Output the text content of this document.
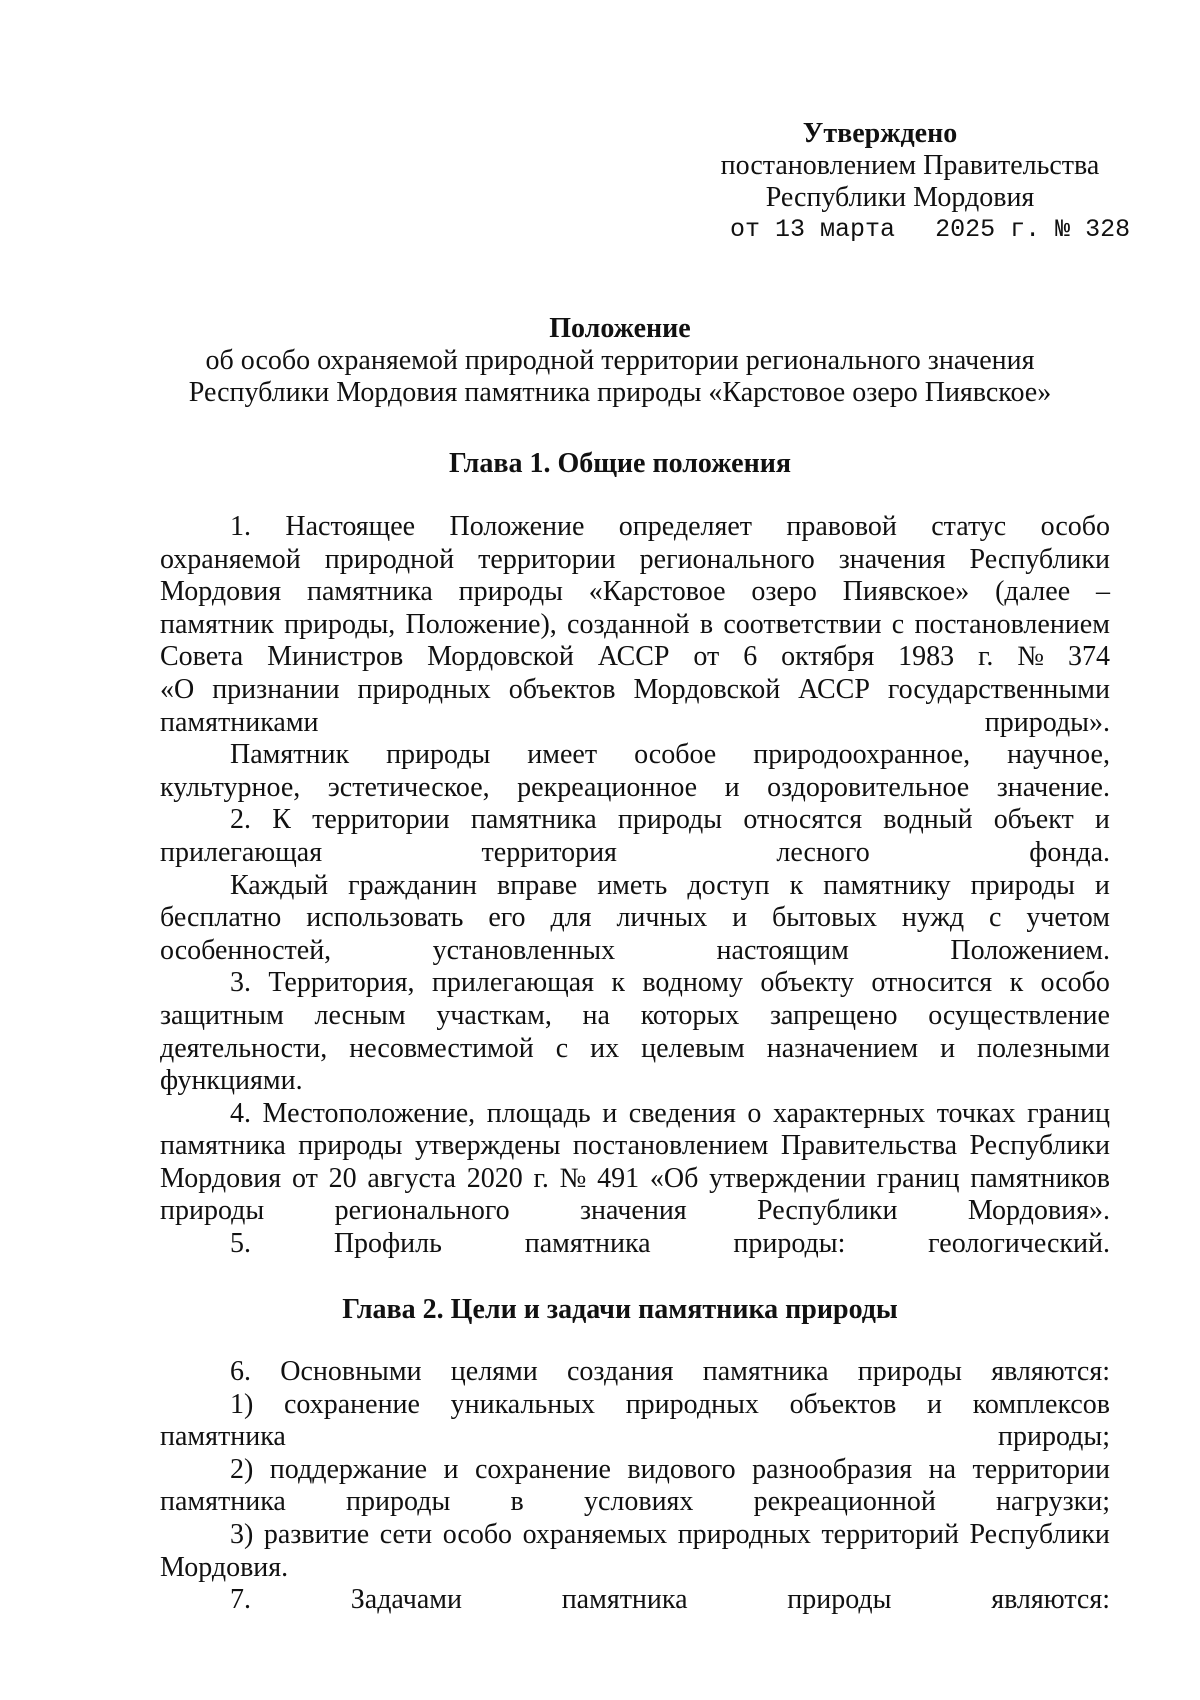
Утверждено
постановлением Правительства
Республики Мордовия
от 13 марта 2025 г. № 328
Положение
об особо охраняемой природной территории регионального значения
Республики Мордовия памятника природы «Карстовое озеро Пиявское»
Глава 1. Общие положения
1. Настоящее Положение определяет правовой статус особо
охраняемой природной территории регионального значения Республики
Мордовия памятника природы «Карстовое озеро Пиявское» (далее –
памятник природы, Положение), созданной в соответствии с постановлением
Совета Министров Мордовской АССР от 6 октября 1983 г. № 374
«О признании природных объектов Мордовской АССР государственными
памятниками природы».
Памятник природы имеет особое природоохранное, научное,
культурное, эстетическое, рекреационное и оздоровительное значение.
2. К территории памятника природы относятся водный объект и
прилегающая территория лесного фонда.
Каждый гражданин вправе иметь доступ к памятнику природы и
бесплатно использовать его для личных и бытовых нужд с учетом
особенностей, установленных настоящим Положением.
3. Территория, прилегающая к водному объекту относится к особо
защитным лесным участкам, на которых запрещено осуществление
деятельности, несовместимой с их целевым назначением и полезными
функциями.
4. Местоположение, площадь и сведения о характерных точках границ
памятника природы утверждены постановлением Правительства Республики
Мордовия от 20 августа 2020 г. № 491 «Об утверждении границ памятников
природы регионального значения Республики Мордовия».
5. Профиль памятника природы: геологический.
Глава 2. Цели и задачи памятника природы
6. Основными целями создания памятника природы являются:
1) сохранение уникальных природных объектов и комплексов
памятника природы;
2) поддержание и сохранение видового разнообразия на территории
памятника природы в условиях рекреационной нагрузки;
3) развитие сети особо охраняемых природных территорий Республики
Мордовия.
7. Задачами памятника природы являются:
